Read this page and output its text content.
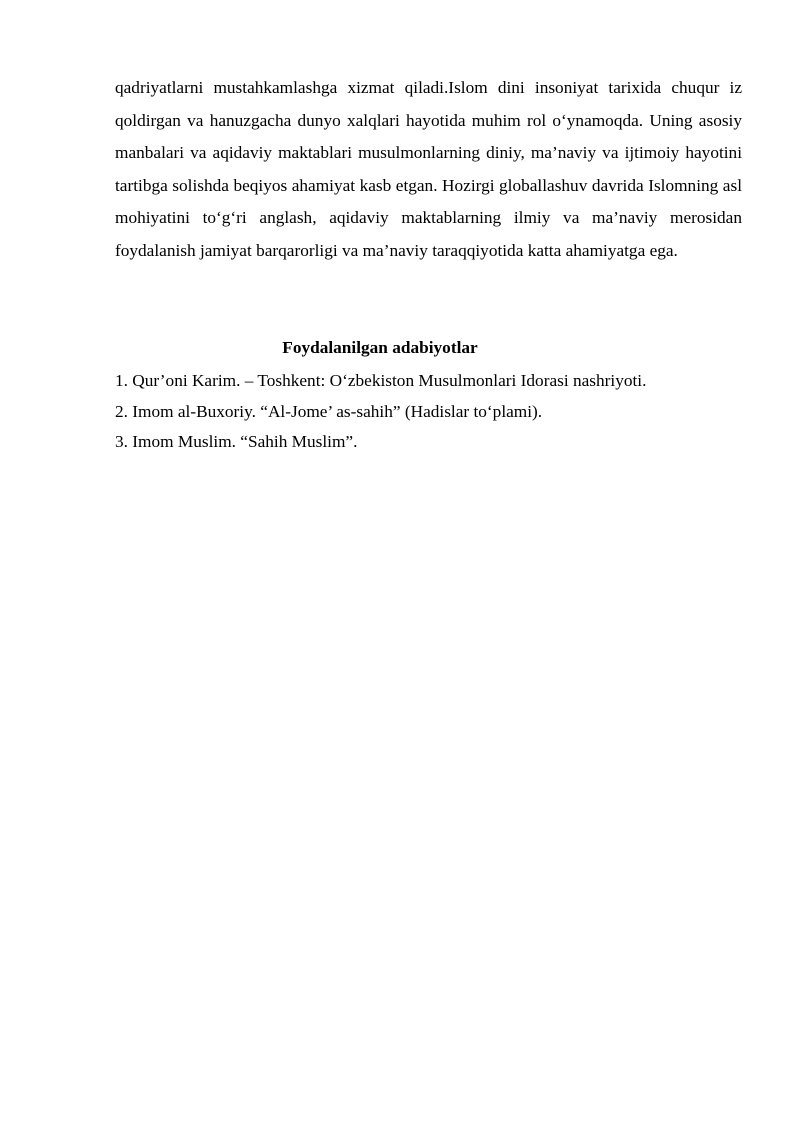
qadriyatlarni mustahkamlashga xizmat qiladi.Islom dini insoniyat tarixida chuqur iz qoldirgan va hanuzgacha dunyo xalqlari hayotida muhim rol o‘ynamoqda. Uning asosiy manbalari va aqidaviy maktablari musulmonlarning diniy, ma’naviy va ijtimoiy hayotini tartibga solishda beqiyos ahamiyat kasb etgan. Hozirgi globallashuv davrida Islomning asl mohiyatini to‘g‘ri anglash, aqidaviy maktablarning ilmiy va ma’naviy merosidan foydalanish jamiyat barqarorligi va ma’naviy taraqqiyotida katta ahamiyatga ega.

Foydalanilgan adabiyotlar
1. Qur’oni Karim. – Toshkent: O‘zbekiston Musulmonlari Idorasi nashriyoti.
2. Imom al-Buxoriy. “Al-Jome’ as-sahih” (Hadislar to‘plami).
3. Imom Muslim. “Sahih Muslim”.
